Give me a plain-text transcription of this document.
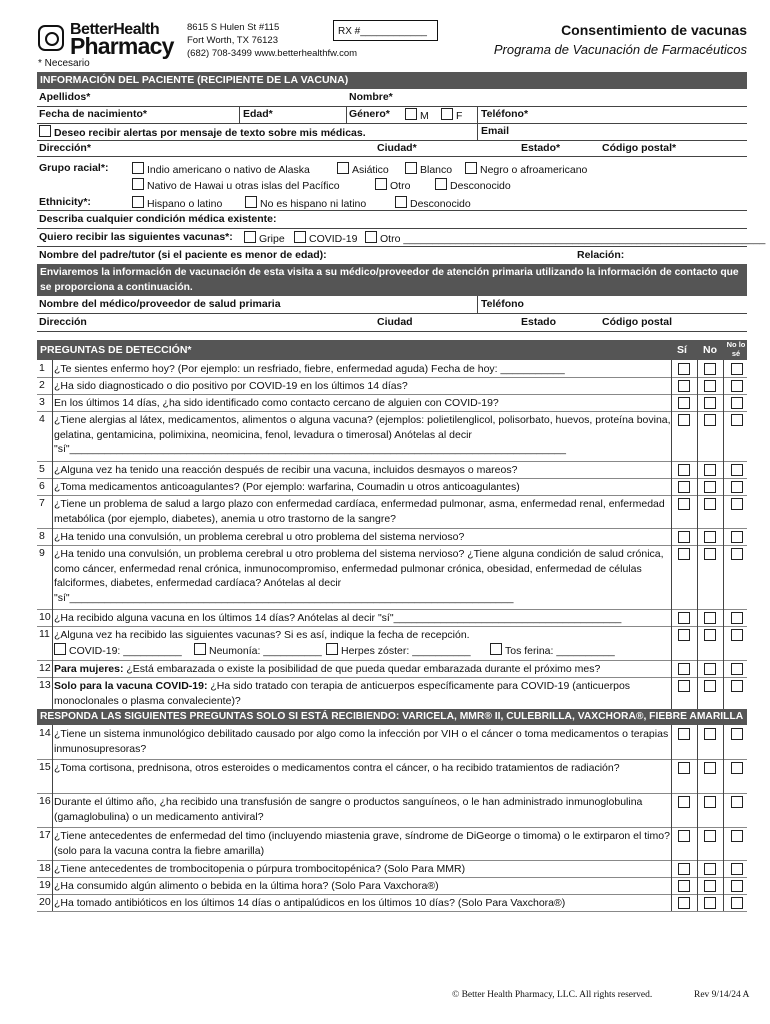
BetterHealth
Pharmacy
* Necesario
8615 S Hulen St #115
Fort Worth, TX 76123
(682) 708-3499 www.betterhealthfw.com
RX #____________	Consentimiento de vacunas
Programa de Vacunación de Farmacéuticos
INFORMACIÓN DEL PACIENTE (RECIPIENTE DE LA VACUNA)
Apellidos*	Nombre*
Fecha de nacimiento*	Edad*	Género*	M	F Teléfono*
Deseo recibir alertas por mensaje de texto sobre mis médicas.	Email
Dirección*	Ciudad*	Estado*	Código postal*
Grupo racial*:	Indio americano o nativo de Alaska	Asiático	Blanco	Negro o afroamericano
Nativo de Hawai u otras islas del Pacífico	Otro	Desconocido
Ethnicity*:	Hispano o latino	No es hispano ni latino	Desconocido
Describa cualquier condición médica existente:
Quiero recibir las siguientes vacunas*:	Gripe	COVID-19	Otro ______________________________________________________________
Nombre del padre/tutor (si el paciente es menor de edad):	Relación:
Enviaremos la información de vacunación de esta visita a su médico/proveedor de atención primaria utilizando la información de contacto que se proporciona a continuación.
Nombre del médico/proveedor de salud primaria	Teléfono
Dirección	Ciudad	Estado	Código postal
PREGUNTAS DE DETECCIÓN*	Sí No No lo sé
1 ¿Te sientes enfermo hoy? (Por ejemplo: un resfriado, fiebre, enfermedad aguda) Fecha de hoy: ___________
2 ¿Ha sido diagnosticado o dio positivo por COVID-19 en los últimos 14 días?
3 En los últimos 14 días, ¿ha sido identificado como contacto cercano de alguien con COVID-19?
4 ¿Tiene alergias al látex, medicamentos, alimentos o alguna vacuna? (ejemplos: polietilenglicol, polisorbato, huevos, proteína bovina, gelatina, gentamicina, polimixina, neomicina, fenol, levadura o timerosal) Anótelas al decir "sí"_____________________________________________________________________________________
5 ¿Alguna vez ha tenido una reacción después de recibir una vacuna, incluidos desmayos o mareos?
6 ¿Toma medicamentos anticoagulantes? (Por ejemplo: warfarina, Coumadin u otros anticoagulantes)
7 ¿Tiene un problema de salud a largo plazo con enfermedad cardíaca, enfermedad pulmonar, asma, enfermedad renal, enfermedad metabólica (por ejemplo, diabetes), anemia u otro trastorno de la sangre?
8 ¿Ha tenido una convulsión, un problema cerebral u otro problema del sistema nervioso?
9 ¿Ha tenido una convulsión, un problema cerebral u otro problema del sistema nervioso? ¿Tiene alguna condición de salud crónica, como cáncer, enfermedad renal crónica, inmunocompromiso, enfermedad pulmonar crónica, obesidad, enfermedad de células falciformes, diabetes, enfermedad cardíaca? Anótelas al decir "sí"____________________________________________________________________________
10 ¿Ha recibido alguna vacuna en los últimos 14 días? Anótelas al decir "sí"_______________________________________
11 ¿Alguna vez ha recibido las siguientes vacunas? Si es así, indique la fecha de recepción.
COVID-19: __________	Neumonía: __________	Herpes zóster: __________	Tos ferina: __________
12 Para mujeres: ¿Está embarazada o existe la posibilidad de que pueda quedar embarazada durante el próximo mes?
13 Solo para la vacuna COVID-19: ¿Ha sido tratado con terapia de anticuerpos específicamente para COVID-19 (anticuerpos monoclonales o plasma convaleciente)?
14 ¿Tiene un sistema inmunológico debilitado causado por algo como la infección por VIH o el cáncer o toma medicamentos o terapias inmunosupresoras?
15 ¿Toma cortisona, prednisona, otros esteroides o medicamentos contra el cáncer, o ha recibido tratamientos de radiación?
16 Durante el último año, ¿ha recibido una transfusión de sangre o productos sanguíneos, o le han administrado inmunoglobulina (gamaglobulina) o un medicamento antiviral?
17 ¿Tiene antecedentes de enfermedad del timo (incluyendo miastenia grave, síndrome de DiGeorge o timoma) o le extirparon el timo? (solo para la vacuna contra la fiebre amarilla)
18 ¿Tiene antecedentes de trombocitopenia o púrpura trombocitopénica? (Solo Para MMR)
19 ¿Ha consumido algún alimento o bebida en la última hora? (Solo Para Vaxchora®)
20 ¿Ha tomado antibióticos en los últimos 14 días o antipalúdicos en los últimos 10 días? (Solo Para Vaxchora®)
RESPONDA LAS SIGUIENTES PREGUNTAS SOLO SI ESTÁ RECIBIENDO: VARICELA, MMR® II, CULEBRILLA, VAXCHORA®, FIEBRE AMARILLA
© Better Health Pharmacy, LLC. All rights reserved.	Rev 9/14/24 A
